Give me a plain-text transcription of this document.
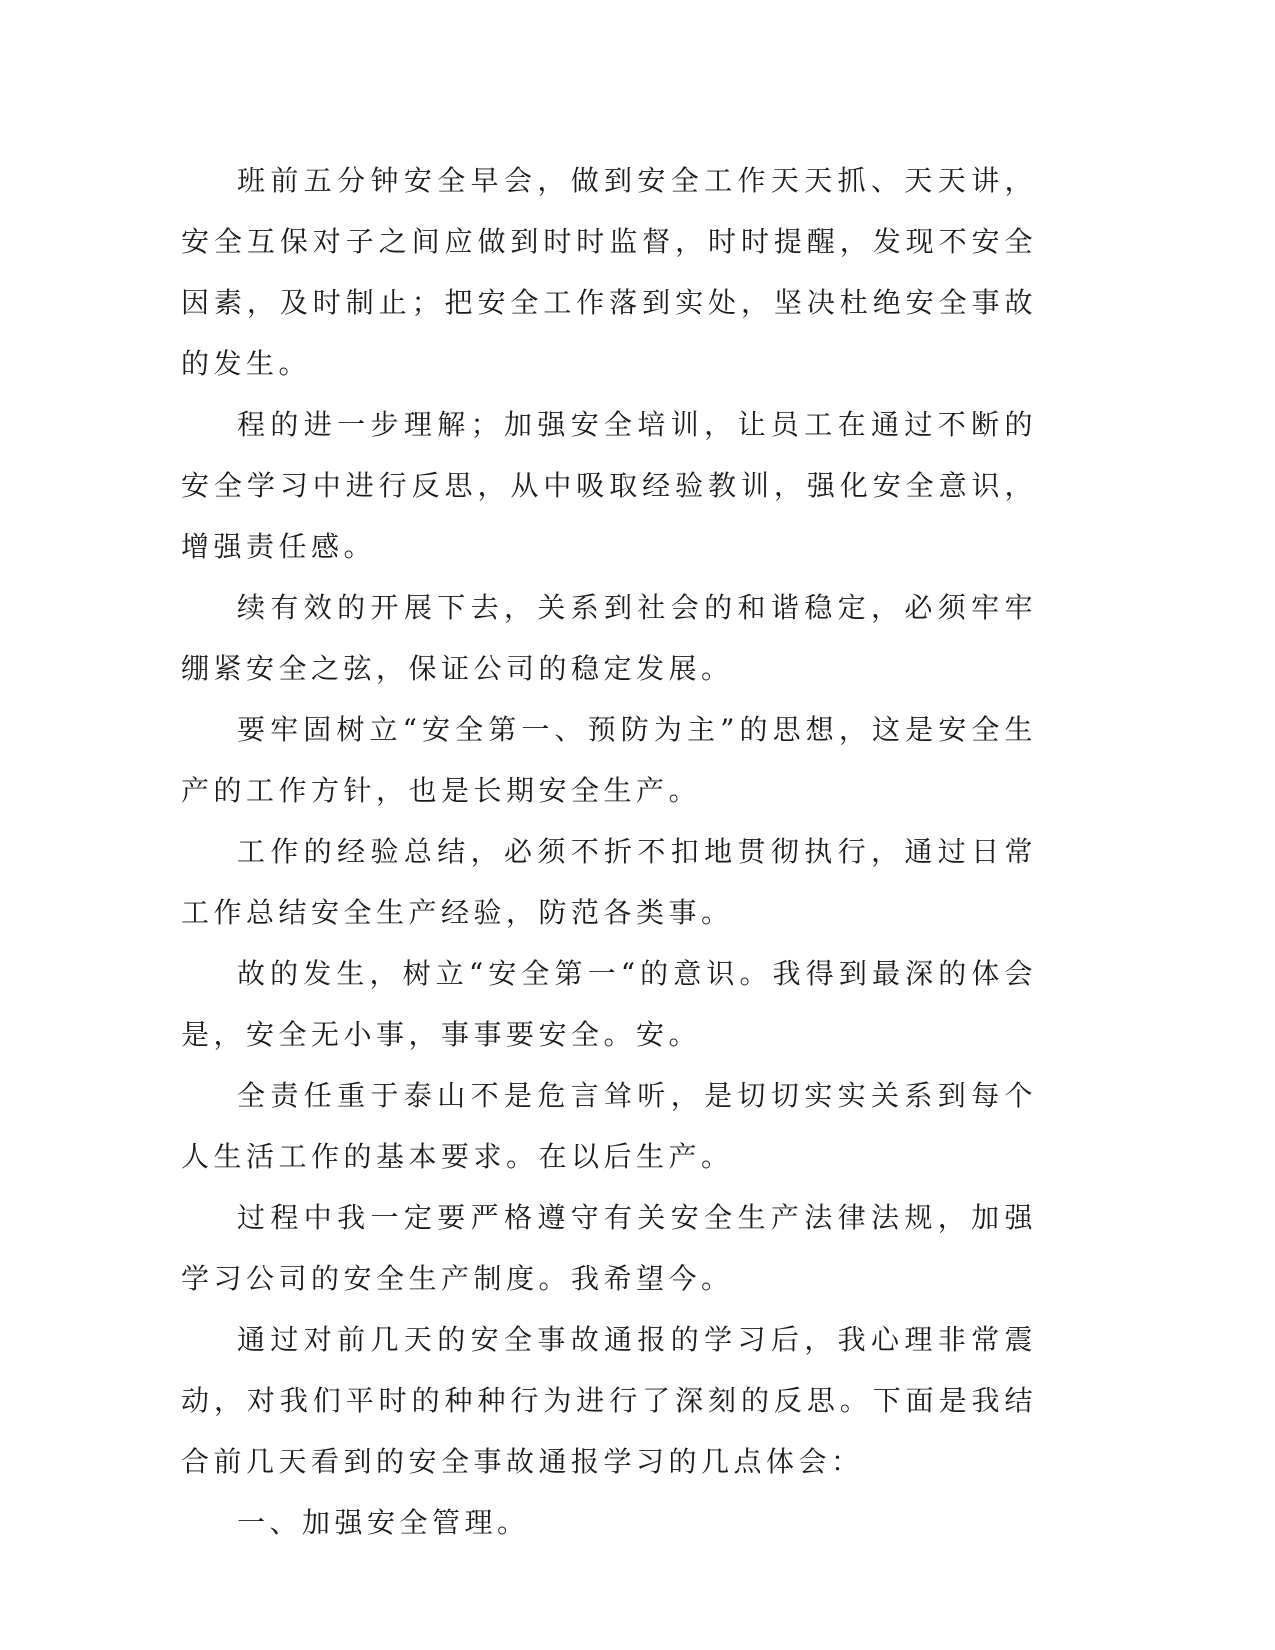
班前五分钟安全早会，做到安全工作天天抓、天天讲，安全互保对子之间应做到时时监督，时时提醒，发现不安全因素，及时制止；把安全工作落到实处，坚决杜绝安全事故的发生。

程的进一步理解；加强安全培训，让员工在通过不断的安全学习中进行反思，从中吸取经验教训，强化安全意识，增强责任感。

续有效的开展下去，关系到社会的和谐稳定，必须牢牢绷紧安全之弦，保证公司的稳定发展。

要牢固树立“安全第一、预防为主”的思想，这是安全生产的工作方针，也是长期安全生产。

工作的经验总结，必须不折不扣地贯彻执行，通过日常工作总结安全生产经验，防范各类事。

故的发生，树立“安全第一“的意识。我得到最深的体会是，安全无小事，事事要安全。安。

全责任重于泰山不是危言耸听，是切切实实关系到每个人生活工作的基本要求。在以后生产。

过程中我一定要严格遵守有关安全生产法律法规，加强学习公司的安全生产制度。我希望今。

通过对前几天的安全事故通报的学习后，我心理非常震动，对我们平时的种种行为进行了深刻的反思。下面是我结合前几天看到的安全事故通报学习的几点体会：

一、加强安全管理。
